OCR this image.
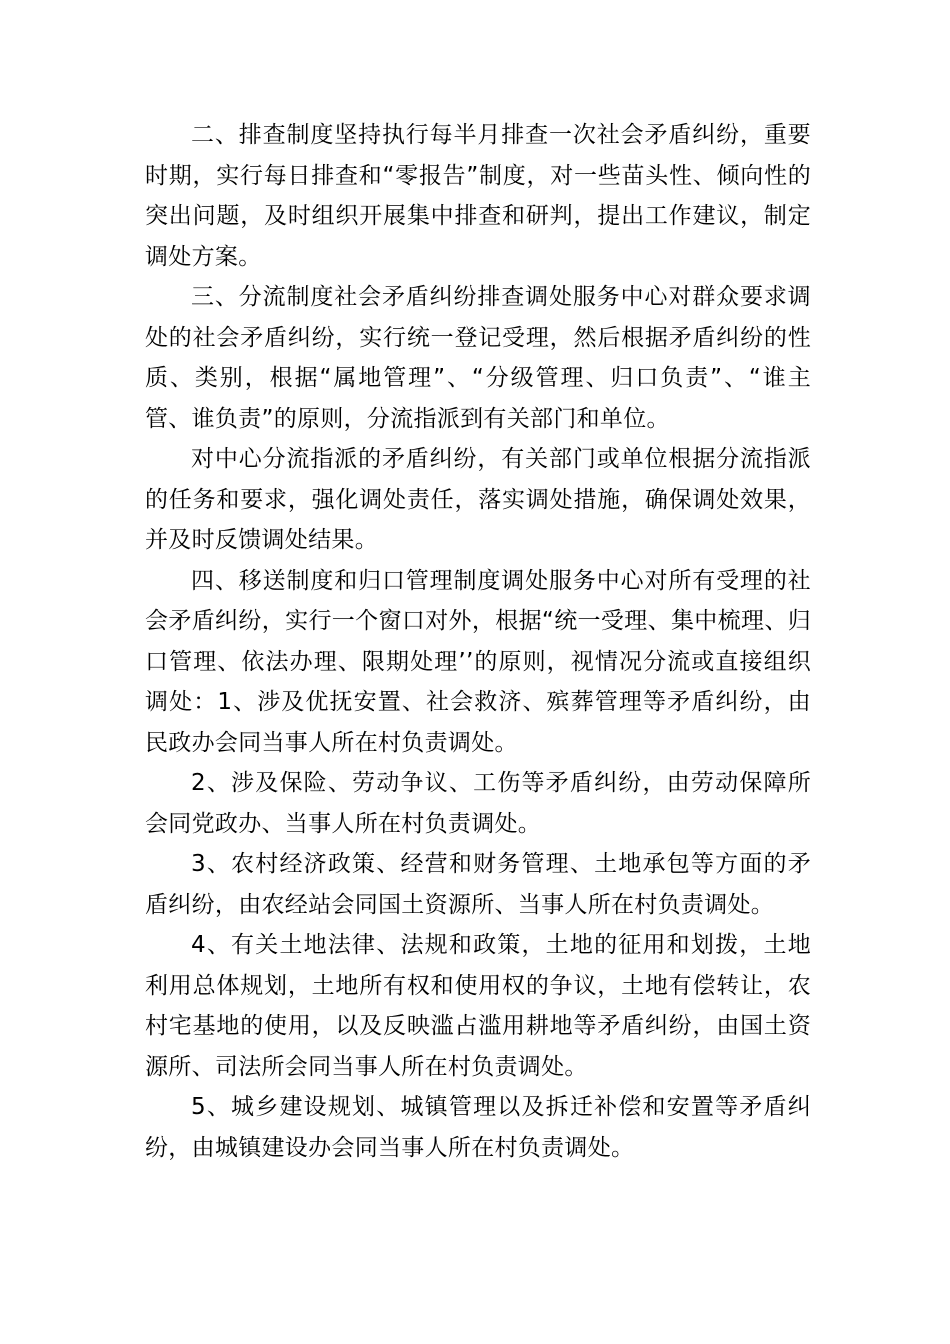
二、排查制度坚持执行每半月排查一次社会矛盾纠纷，重要时期，实行每日排查和“零报告”制度，对一些苗头性、倾向性的突出问题，及时组织开展集中排查和研判，提出工作建议，制定调处方案。

三、分流制度社会矛盾纠纷排查调处服务中心对群众要求调处的社会矛盾纠纷，实行统一登记受理，然后根据矛盾纠纷的性质、类别，根据“属地管理”、“分级管理、归口负责”、“谁主管、谁负责”的原则，分流指派到有关部门和单位。

对中心分流指派的矛盾纠纷，有关部门或单位根据分流指派的任务和要求，强化调处责任，落实调处措施，确保调处效果，并及时反馈调处结果。

四、移送制度和归口管理制度调处服务中心对所有受理的社会矛盾纠纷，实行一个窗口对外，根据“统一受理、集中梳理、归口管理、依法办理、限期处理’’的原则，视情况分流或直接组织调处：1、涉及优抚安置、社会救济、殡葬管理等矛盾纠纷，由民政办会同当事人所在村负责调处。

2、涉及保险、劳动争议、工伤等矛盾纠纷，由劳动保障所会同党政办、当事人所在村负责调处。

3、农村经济政策、经营和财务管理、土地承包等方面的矛盾纠纷，由农经站会同国土资源所、当事人所在村负责调处。

4、有关土地法律、法规和政策，土地的征用和划拨，土地利用总体规划，土地所有权和使用权的争议，土地有偿转让，农村宅基地的使用，以及反映滥占滥用耕地等矛盾纠纷，由国土资源所、司法所会同当事人所在村负责调处。

5、城乡建设规划、城镇管理以及拆迁补偿和安置等矛盾纠纷，由城镇建设办会同当事人所在村负责调处。
